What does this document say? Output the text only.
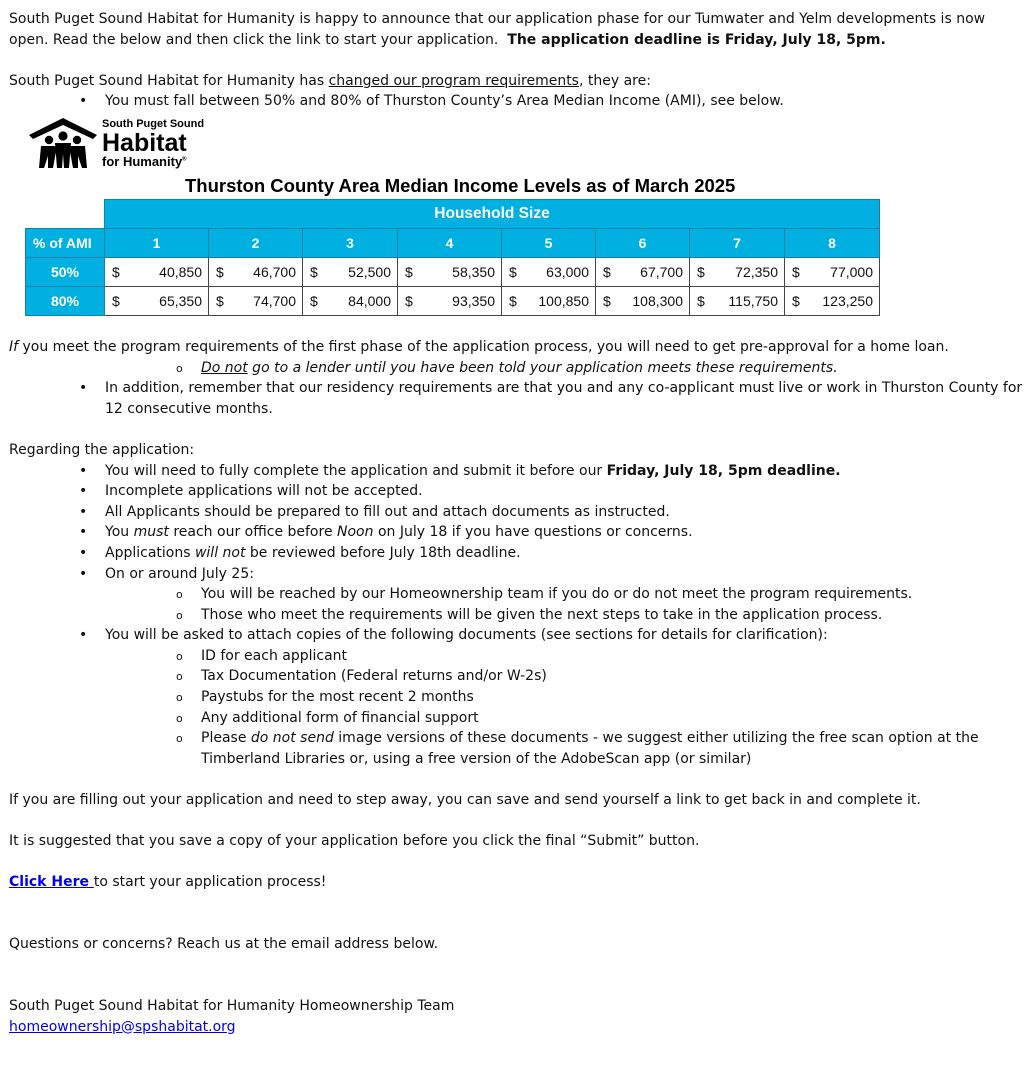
South Puget Sound Habitat for Humanity is happy to announce that our application phase for our Tumwater and Yelm developments is now open. Read the below and then click the link to start your application. The application deadline is Friday, July 18, 5pm.

South Puget Sound Habitat for Humanity has changed our program requirements, they are:

• You must fall between 50% and 80% of Thurston County’s Area Median Income (AMI), see below.
South Puget Sound
Habitat
for Humanity®
Thurston County Area Median Income Levels as of March 2025
	Household Size							
% of AMI	1	2	3	4	5	6	7	8
50%	$ 40,850	$ 46,700	$ 52,500	$ 58,350	$ 63,000	$ 67,700	$ 72,350	$ 77,000

80%	$ 65,350	$ 74,700	$ 84,000	$ 93,350	$ 100,850	$ 108,300	$ 115,750	$ 123,250

If you meet the program requirements of the first phase of the application process, you will need to get pre-approval for a home loan.

o Do not go to a lender until you have been told your application meets these requirements.
• In addition, remember that our residency requirements are that you and any co-applicant must live or work in Thurston County for 12 consecutive months.

Regarding the application:

• You will need to fully complete the application and submit it before our Friday, July 18, 5pm deadline.
• Incomplete applications will not be accepted.
• All Applicants should be prepared to fill out and attach documents as instructed.
• You must reach our office before Noon on July 18 if you have questions or concerns.
• Applications will not be reviewed before July 18th deadline.
• On or around July 25:
o You will be reached by our Homeownership team if you do or do not meet the program requirements.
o Those who meet the requirements will be given the next steps to take in the application process.
• You will be asked to attach copies of the following documents (see sections for details for clarification):
o ID for each applicant
o Tax Documentation (Federal returns and/or W-2s)
o Paystubs for the most recent 2 months
o Any additional form of financial support
o Please do not send image versions of these documents - we suggest either utilizing the free scan option at the Timberland Libraries or, using a free version of the AdobeScan app (or similar)

If you are filling out your application and need to step away, you can save and send yourself a link to get back in and complete it.

It is suggested that you save a copy of your application before you click the final “Submit” button.

Click Here to start your application process!

Questions or concerns? Reach us at the email address below.

South Puget Sound Habitat for Humanity Homeownership Team

homeownership@spshabitat.org
